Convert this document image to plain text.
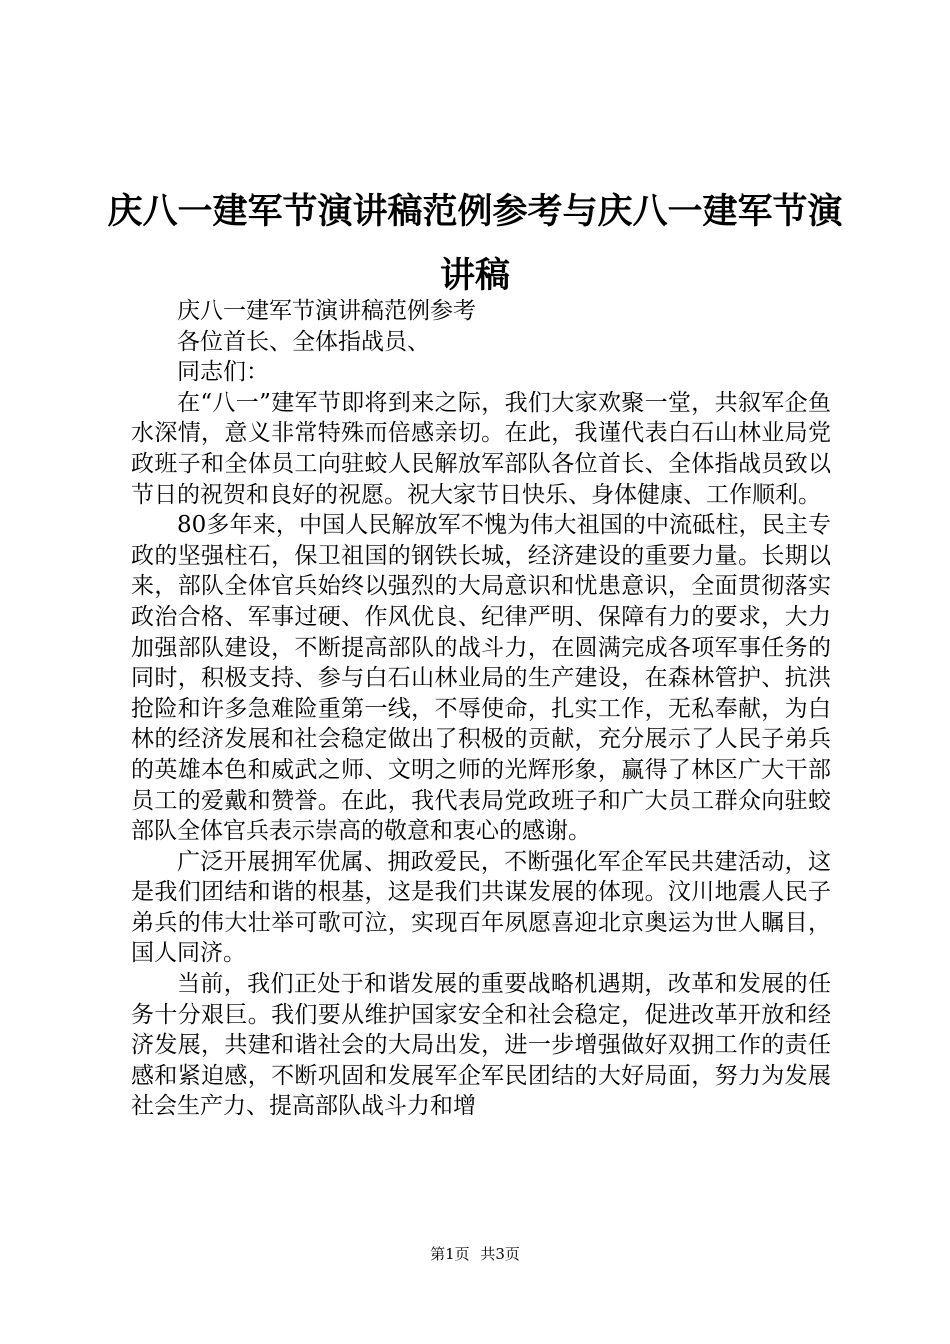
庆八一建军节演讲稿范例参考与庆八一建军节演讲稿

庆八一建军节演讲稿范例参考

各位首长、全体指战员、

同志们：

在“八一”建军节即将到来之际，我们大家欢聚一堂，共叙军企鱼水深情，意义非常特殊而倍感亲切。在此，我谨代表白石山林业局党政班子和全体员工向驻蛟人民解放军部队各位首长、全体指战员致以节日的祝贺和良好的祝愿。祝大家节日快乐、身体健康、工作顺利。

80多年来，中国人民解放军不愧为伟大祖国的中流砥柱，民主专政的坚强柱石，保卫祖国的钢铁长城，经济建设的重要力量。长期以来，部队全体官兵始终以强烈的大局意识和忧患意识，全面贯彻落实政治合格、军事过硬、作风优良、纪律严明、保障有力的要求，大力加强部队建设，不断提高部队的战斗力，在圆满完成各项军事任务的同时，积极支持、参与白石山林业局的生产建设，在森林管护、抗洪抢险和许多急难险重第一线，不辱使命，扎实工作，无私奉献，为白林的经济发展和社会稳定做出了积极的贡献，充分展示了人民子弟兵的英雄本色和威武之师、文明之师的光辉形象，赢得了林区广大干部员工的爱戴和赞誉。在此，我代表局党政班子和广大员工群众向驻蛟部队全体官兵表示崇高的敬意和衷心的感谢。

广泛开展拥军优属、拥政爱民，不断强化军企军民共建活动，这是我们团结和谐的根基，这是我们共谋发展的体现。汶川地震人民子弟兵的伟大壮举可歌可泣，实现百年夙愿喜迎北京奥运为世人瞩目，国人同济。

当前，我们正处于和谐发展的重要战略机遇期，改革和发展的任务十分艰巨。我们要从维护国家安全和社会稳定，促进改革开放和经济发展，共建和谐社会的大局出发，进一步增强做好双拥工作的责任感和紧迫感，不断巩固和发展军企军民团结的大好局面，努力为发展社会生产力、提高部队战斗力和增

第1页 共3页
